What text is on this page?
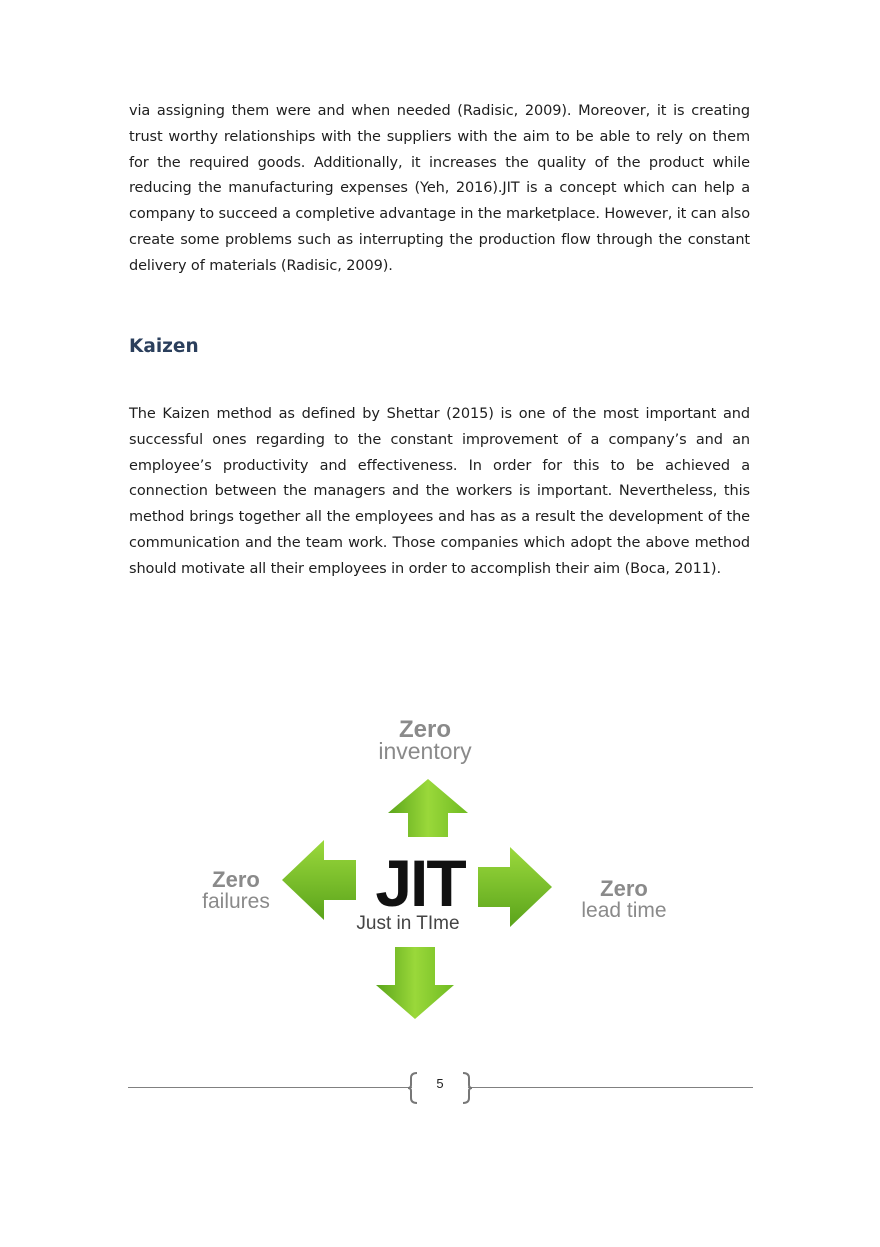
via assigning them were and when needed (Radisic, 2009). Moreover, it is creating trust worthy relationships with the suppliers with the aim to be able to rely on them for the required goods. Additionally, it increases the quality of the product while reducing the manufacturing expenses (Yeh, 2016).JIT is a concept which can help a company to succeed a completive advantage in the marketplace. However, it can also create some problems such as interrupting the production flow through the constant delivery of materials (Radisic, 2009).

Kaizen

The Kaizen method as defined by Shettar (2015) is one of the most important and successful ones regarding to the constant improvement of a company’s and an employee’s productivity and effectiveness. In order for this to be achieved a connection between the managers and the workers is important. Nevertheless, this method brings together all the employees and has as a result the development of the communication and the team work. Those companies which adopt the above method should motivate all their employees in order to accomplish their aim (Boca, 2011).

Zero
inventory
JIT
Just in TIme
Zero
failures
Zero
lead time
5
